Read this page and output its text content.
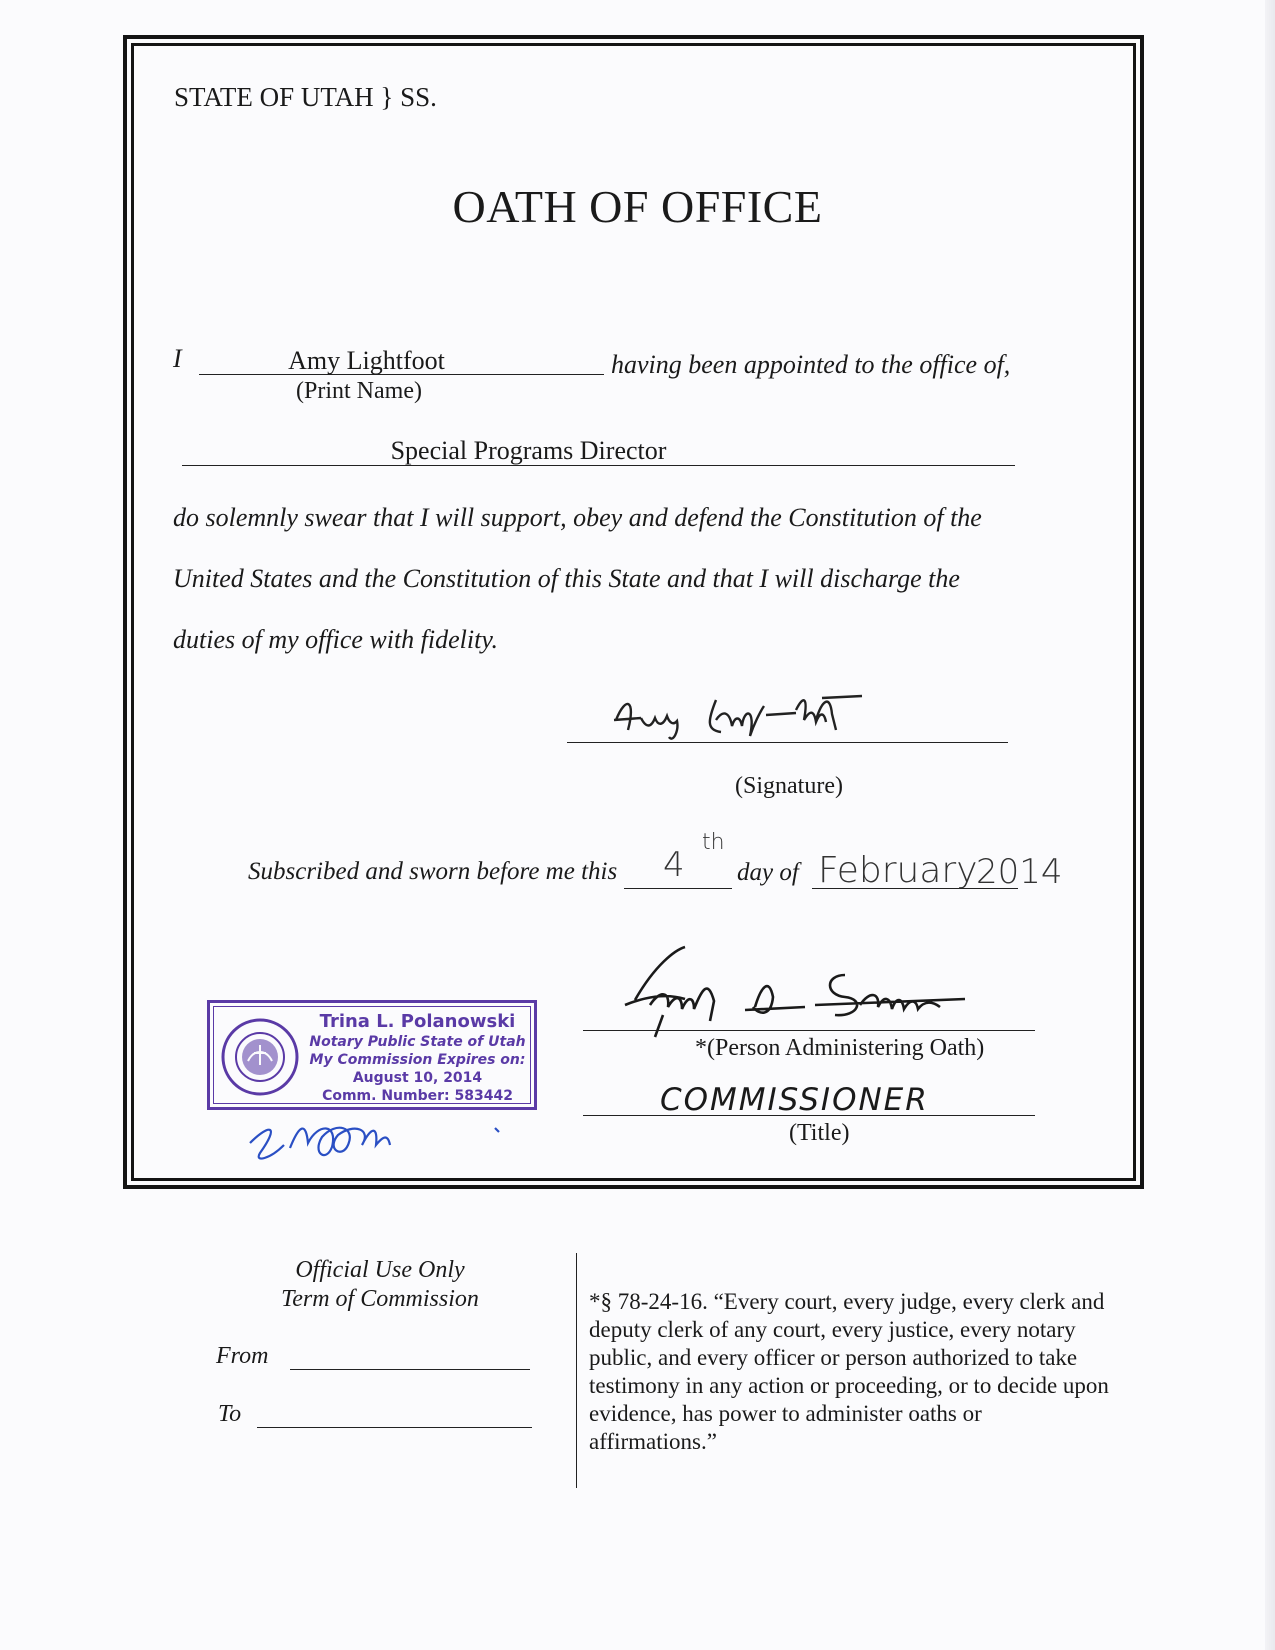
STATE OF UTAH } SS.
OATH OF OFFICE
I	Amy Lightfoot
(Print Name)
having been appointed to the office of,
Special Programs Director
do solemnly swear that I will support, obey and defend the Constitution of the
United States and the Constitution of this State and that I will discharge the
duties of my office with fidelity.
(Signature)
Subscribed and sworn before me this 4
th
day of February
2014
*(Person Administering Oath)
COMMISSIONER
(Title)
Trina L. Polanowski
Notary Public State of Utah
My Commission Expires on:
August 10, 2014
Comm. Number: 583442
Official Use Only
Term of Commission
From
To
*§ 78-24-16. “Every court, every judge, every clerk and deputy clerk of any court, every justice, every notary public, and every officer or person authorized to take testimony in any action or proceeding, or to decide upon evidence, has power to administer oaths or affirmations.”
